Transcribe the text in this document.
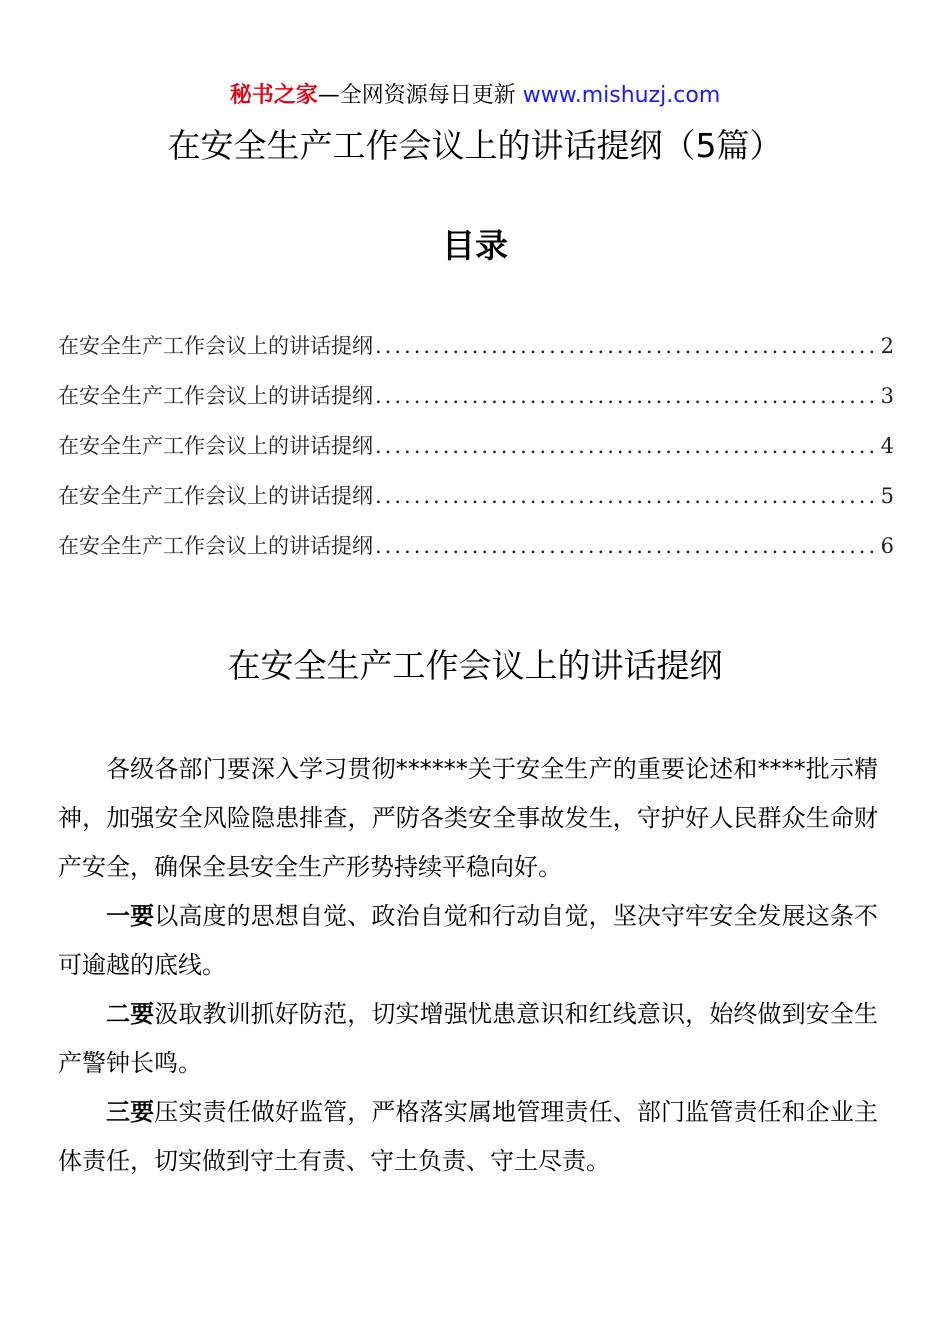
秘书之家—全网资源每日更新 www.mishuzj.com
在安全生产工作会议上的讲话提纲（5篇）
目录
在安全生产工作会议上的讲话提纲 .....	2
在安全生产工作会议上的讲话提纲 .....	3
在安全生产工作会议上的讲话提纲 .....	4
在安全生产工作会议上的讲话提纲 .....	5
在安全生产工作会议上的讲话提纲 .....	6
在安全生产工作会议上的讲话提纲

各级各部门要深入学习贯彻******关于安全生产的重要论述和****批示精神，加强安全风险隐患排查，严防各类安全事故发生，守护好人民群众生命财产安全，确保全县安全生产形势持续平稳向好。

一要以高度的思想自觉、政治自觉和行动自觉，坚决守牢安全发展这条不可逾越的底线。

二要汲取教训抓好防范，切实增强忧患意识和红线意识，始终做到安全生产警钟长鸣。

三要压实责任做好监管，严格落实属地管理责任、部门监管责任和企业主体责任，切实做到守土有责、守土负责、守土尽责。
